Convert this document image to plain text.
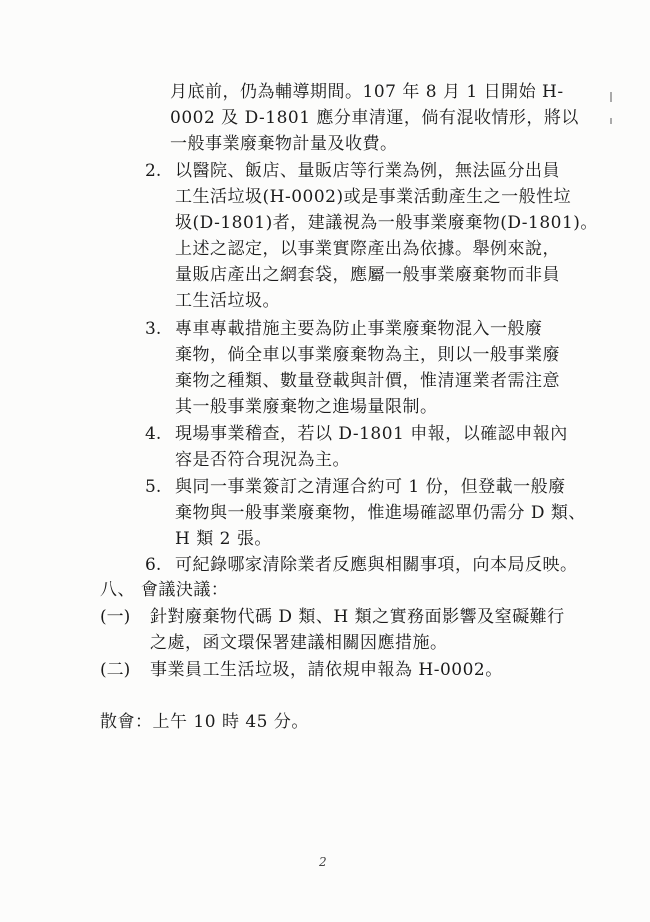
月底前，仍為輔導期間。107 年 8 月 1 日開始 H-
0002 及 D-1801 應分車清運，倘有混收情形，將以
一般事業廢棄物計量及收費。
2. 以醫院、飯店、量販店等行業為例，無法區分出員
工生活垃圾(H-0002)或是事業活動產生之一般性垃
圾(D-1801)者，建議視為一般事業廢棄物(D-1801)。
上述之認定，以事業實際產出為依據。舉例來說，
量販店產出之網套袋，應屬一般事業廢棄物而非員
工生活垃圾。
3. 專車專載措施主要為防止事業廢棄物混入一般廢
棄物，倘全車以事業廢棄物為主，則以一般事業廢
棄物之種類、數量登載與計價，惟清運業者需注意
其一般事業廢棄物之進場量限制。
4. 現場事業稽查，若以 D-1801 申報，以確認申報內
容是否符合現況為主。
5. 與同一事業簽訂之清運合約可 1 份，但登載一般廢
棄物與一般事業廢棄物，惟進場確認單仍需分 D 類、
H 類 2 張。
6. 可紀錄哪家清除業者反應與相關事項，向本局反映。
八、 會議決議：
(一) 針對廢棄物代碼 D 類、H 類之實務面影響及窒礙難行
之處，函文環保署建議相關因應措施。
(二) 事業員工生活垃圾，請依規申報為 H-0002。
散會：上午 10 時 45 分。
2
